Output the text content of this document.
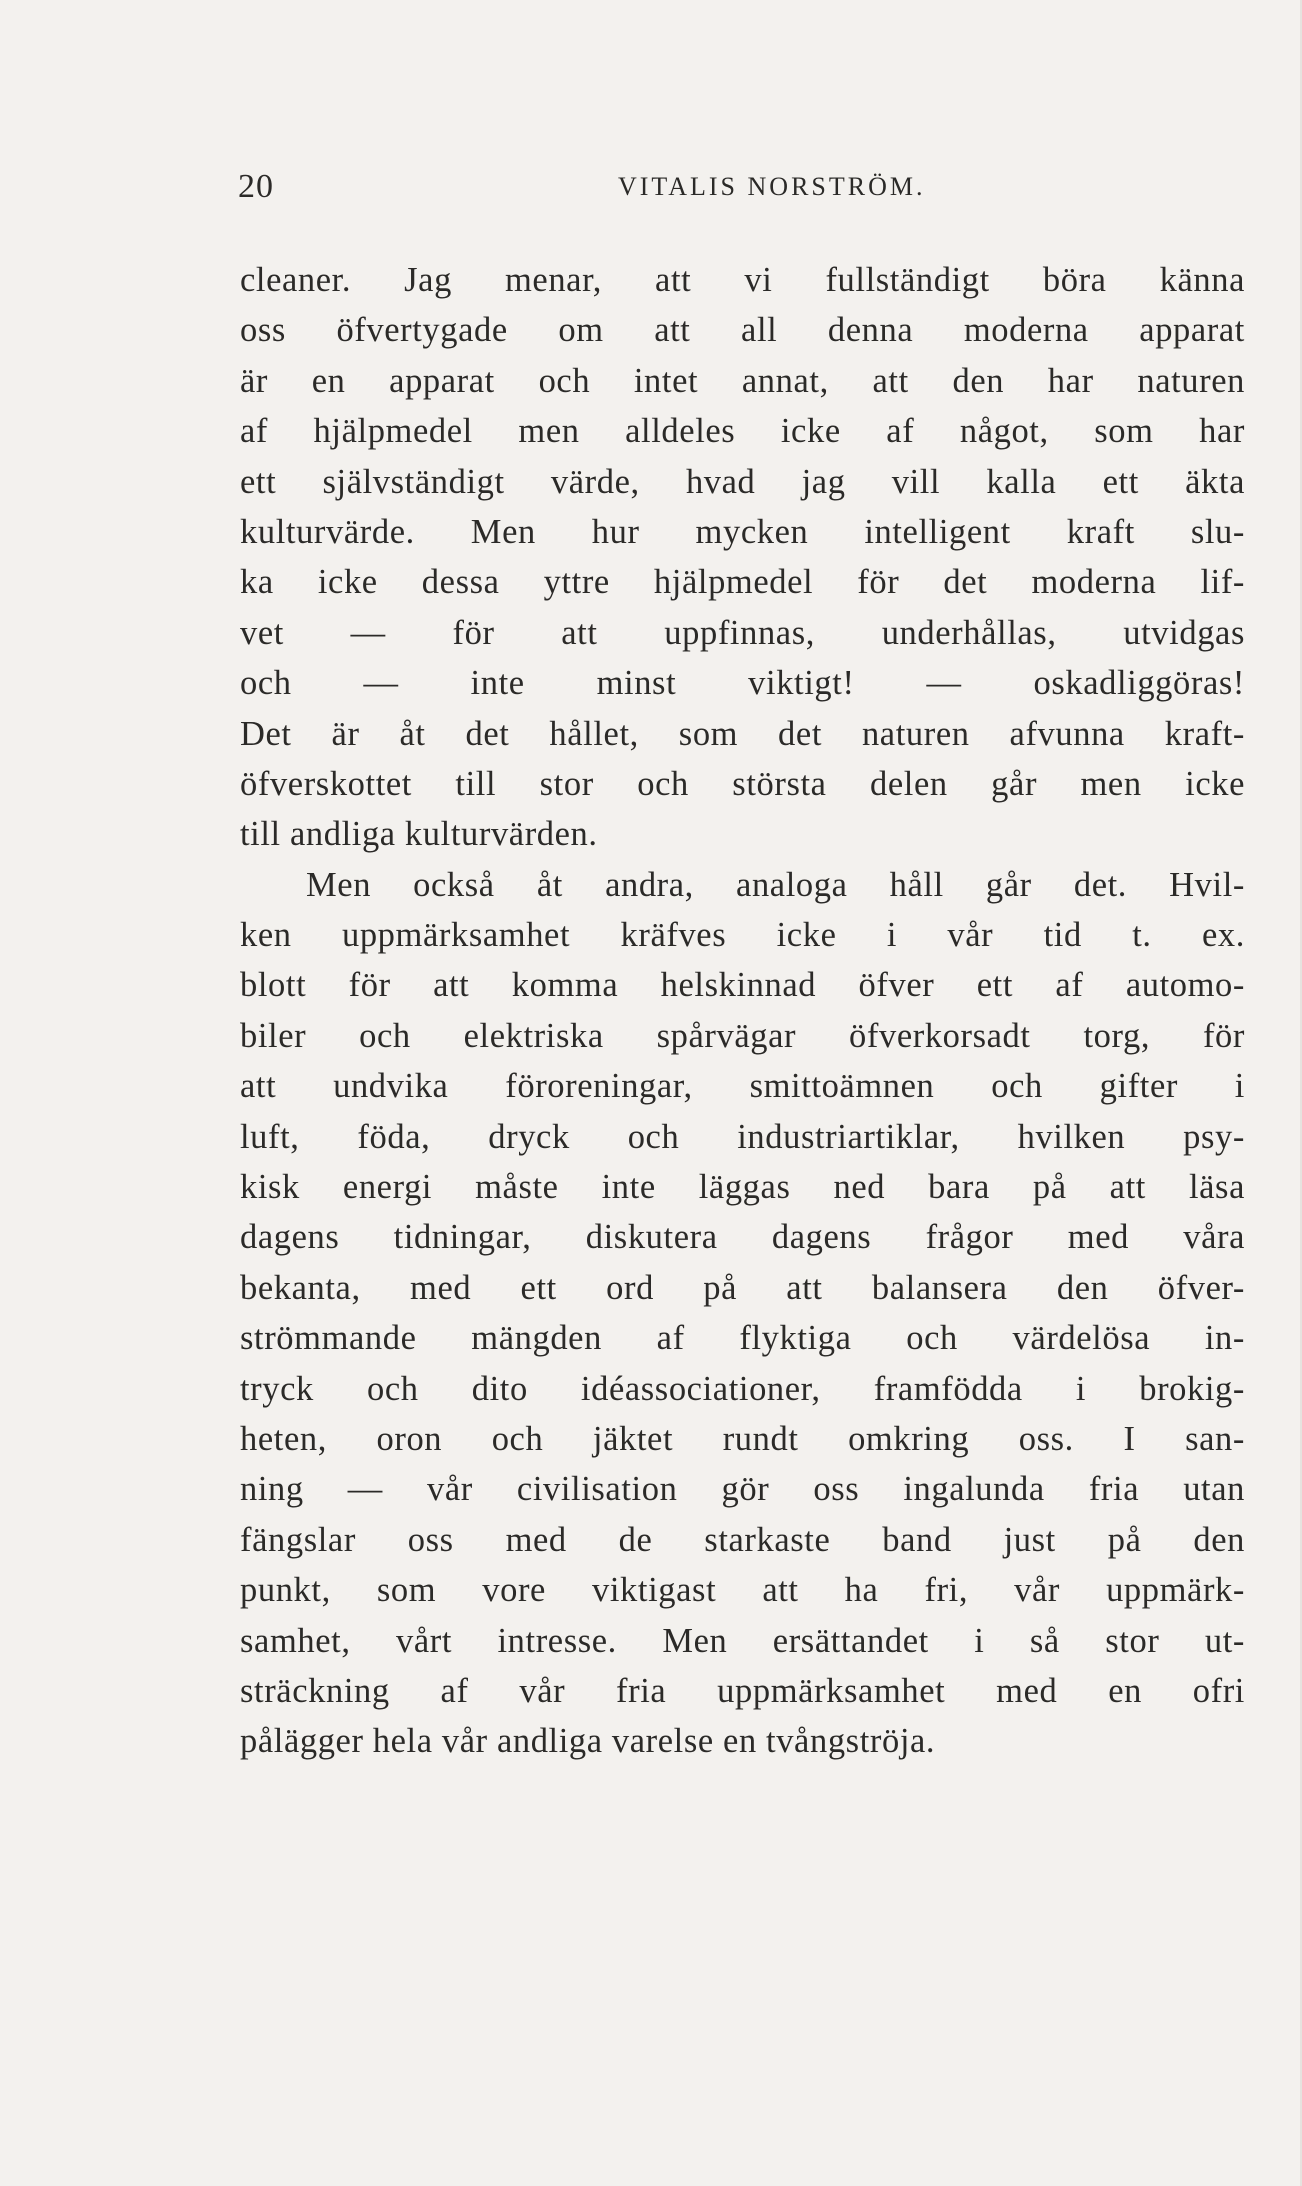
20	VITALIS NORSTRÖM.
cleaner. Jag menar, att vi fullständigt böra känna
oss öfvertygade om att all denna moderna apparat
är en apparat och intet annat, att den har naturen
af hjälpmedel men alldeles icke af något, som har
ett självständigt värde, hvad jag vill kalla ett äkta
kulturvärde. Men hur mycken intelligent kraft slu-
ka icke dessa yttre hjälpmedel för det moderna lif-
vet — för att uppfinnas, underhållas, utvidgas
och — inte minst viktigt! — oskadliggöras!
Det är åt det hållet, som det naturen afvunna kraft-
öfverskottet till stor och största delen går men icke
till andliga kulturvärden.
Men också åt andra, analoga håll går det. Hvil-
ken uppmärksamhet kräfves icke i vår tid t. ex.
blott för att komma helskinnad öfver ett af automo-
biler och elektriska spårvägar öfverkorsadt torg, för
att undvika föroreningar, smittoämnen och gifter i
luft, föda, dryck och industriartiklar, hvilken psy-
kisk energi måste inte läggas ned bara på att läsa
dagens tidningar, diskutera dagens frågor med våra
bekanta, med ett ord på att balansera den öfver-
strömmande mängden af flyktiga och värdelösa in-
tryck och dito idéassociationer, framfödda i brokig-
heten, oron och jäktet rundt omkring oss. I san-
ning — vår civilisation gör oss ingalunda fria utan
fängslar oss med de starkaste band just på den
punkt, som vore viktigast att ha fri, vår uppmärk-
samhet, vårt intresse. Men ersättandet i så stor ut-
sträckning af vår fria uppmärksamhet med en ofri
pålägger hela vår andliga varelse en tvångströja.
